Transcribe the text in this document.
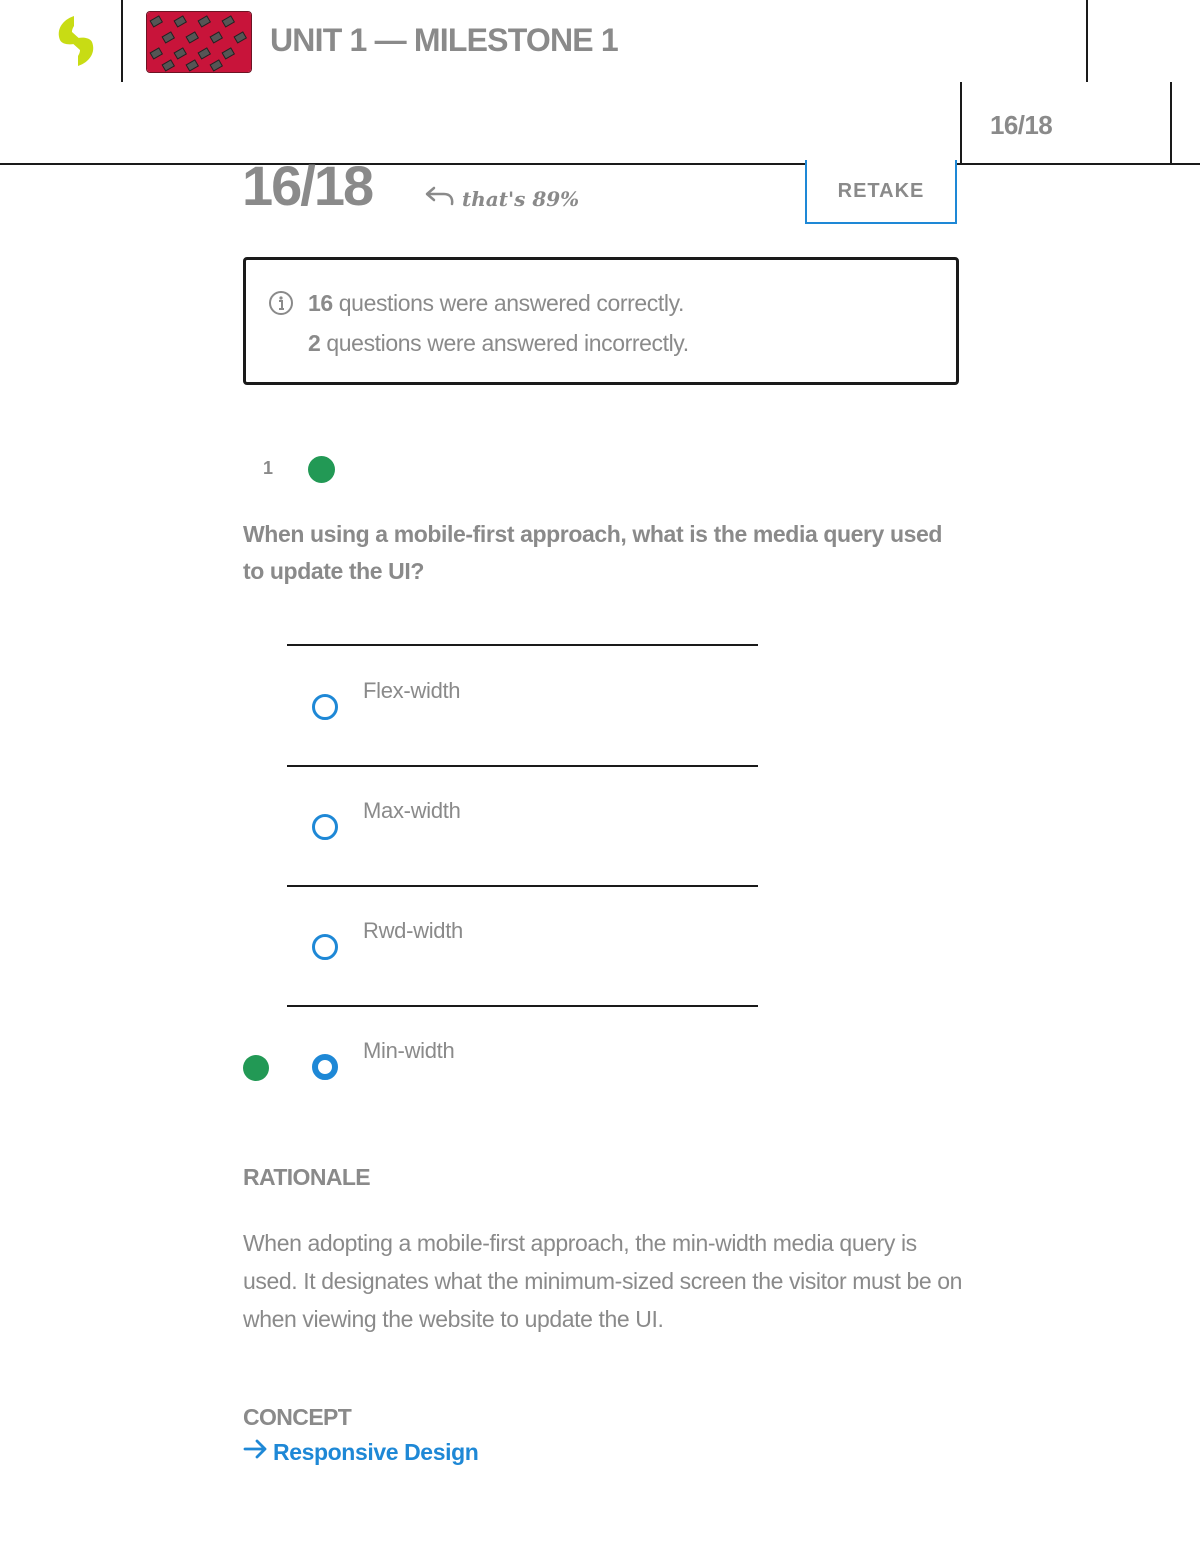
UNIT 1 — MILESTONE 1
16/18
16/18	that's 89%	RETAKE
16 questions were answered correctly.
2 questions were answered incorrectly.
1
When using a mobile-first approach, what is the media query used to update the UI?
Flex-width
Max-width
Rwd-width
Min-width
RATIONALE
When adopting a mobile-first approach, the min-width media query is used. It designates what the minimum-sized screen the visitor must be on when viewing the website to update the UI.
CONCEPT
Responsive Design
